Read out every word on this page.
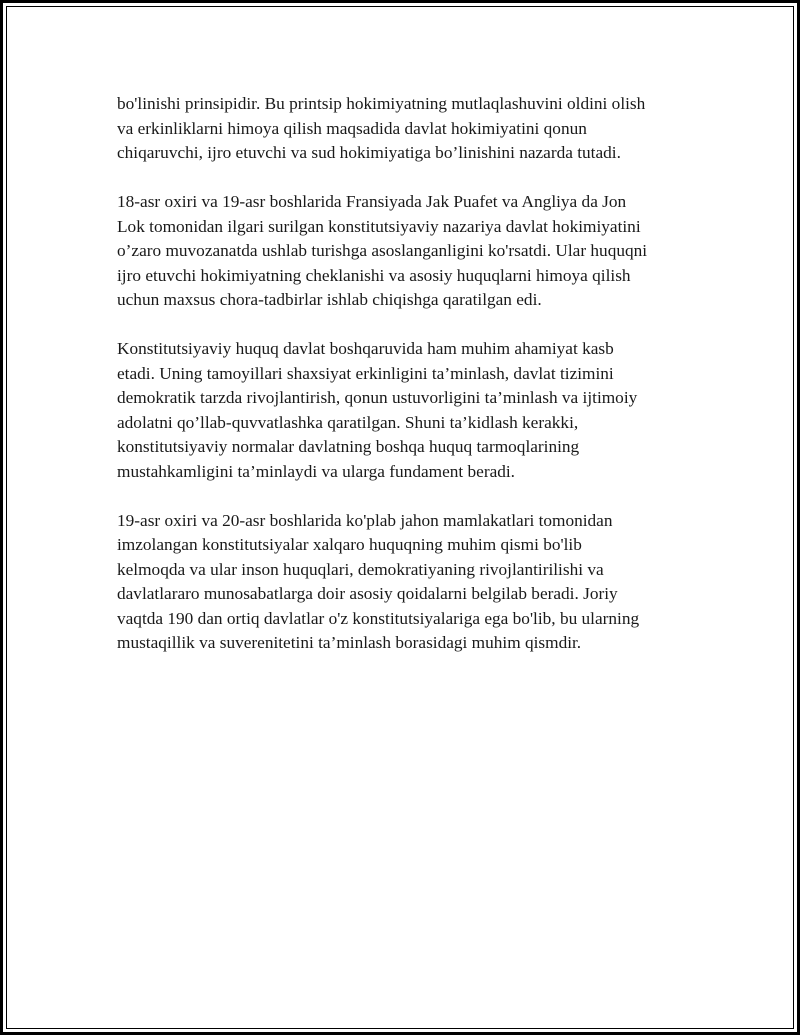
bo'linishi prinsipidir. Bu printsip hokimiyatning mutlaqlashuvini oldini olish
va erkinliklarni himoya qilish maqsadida davlat hokimiyatini qonun
chiqaruvchi, ijro etuvchi va sud hokimiyatiga bo’linishini nazarda tutadi.

18-asr oxiri va 19-asr boshlarida Fransiyada Jak Puafet va Angliya da Jon
Lok tomonidan ilgari surilgan konstitutsiyaviy nazariya davlat hokimiyatini
o’zaro muvozanatda ushlab turishga asoslanganligini ko'rsatdi. Ular huquqni
ijro etuvchi hokimiyatning cheklanishi va asosiy huquqlarni himoya qilish
uchun maxsus chora-tadbirlar ishlab chiqishga qaratilgan edi.

Konstitutsiyaviy huquq davlat boshqaruvida ham muhim ahamiyat kasb
etadi. Uning tamoyillari shaxsiyat erkinligini ta’minlash, davlat tizimini
demokratik tarzda rivojlantirish, qonun ustuvorligini ta’minlash va ijtimoiy
adolatni qo’llab-quvvatlashka qaratilgan. Shuni ta’kidlash kerakki,
konstitutsiyaviy normalar davlatning boshqa huquq tarmoqlarining
mustahkamligini ta’minlaydi va ularga fundament beradi.

19-asr oxiri va 20-asr boshlarida ko'plab jahon mamlakatlari tomonidan
imzolangan konstitutsiyalar xalqaro huquqning muhim qismi bo'lib
kelmoqda va ular inson huquqlari, demokratiyaning rivojlantirilishi va
davlatlararo munosabatlarga doir asosiy qoidalarni belgilab beradi. Joriy
vaqtda 190 dan ortiq davlatlar o'z konstitutsiyalariga ega bo'lib, bu ularning
mustaqillik va suverenitetini ta’minlash borasidagi muhim qismdir.
